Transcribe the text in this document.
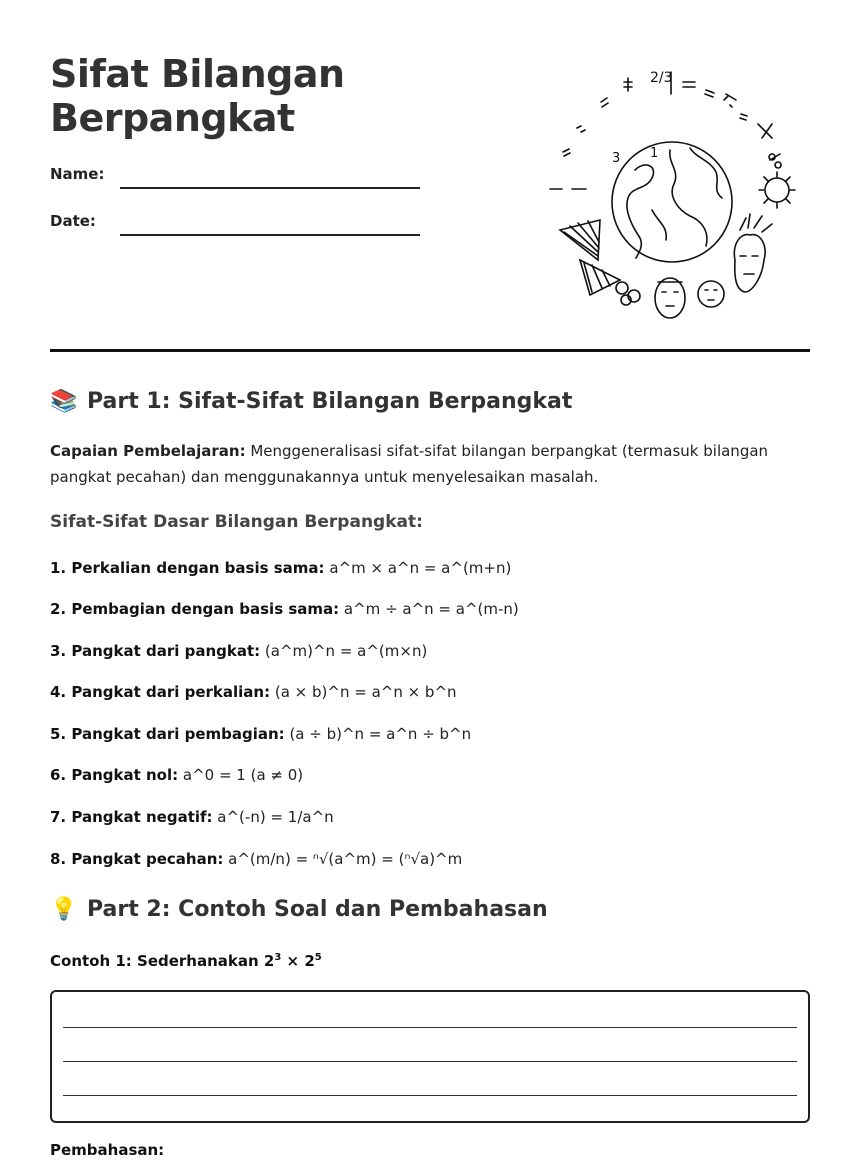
Sifat Bilangan
Berpangkat
Name:
Date:
2/3
3 1
📚 Part 1: Sifat-Sifat Bilangan Berpangkat

Capaian Pembelajaran: Menggeneralisasi sifat-sifat bilangan berpangkat (termasuk bilangan pangkat pecahan) dan menggunakannya untuk menyelesaikan masalah.

Sifat-Sifat Dasar Bilangan Berpangkat:
1. Perkalian dengan basis sama: a^m × a^n = a^(m+n)
2. Pembagian dengan basis sama: a^m ÷ a^n = a^(m-n)
3. Pangkat dari pangkat: (a^m)^n = a^(m×n)
4. Pangkat dari perkalian: (a × b)^n = a^n × b^n
5. Pangkat dari pembagian: (a ÷ b)^n = a^n ÷ b^n
6. Pangkat nol: a^0 = 1 (a ≠ 0)
7. Pangkat negatif: a^(-n) = 1/a^n
8. Pangkat pecahan: a^(m/n) = ⁿ√(a^m) = (ⁿ√a)^m
💡 Part 2: Contoh Soal dan Pembahasan
Contoh 1: Sederhanakan $2^3 \times 2^5$
Pembahasan:
